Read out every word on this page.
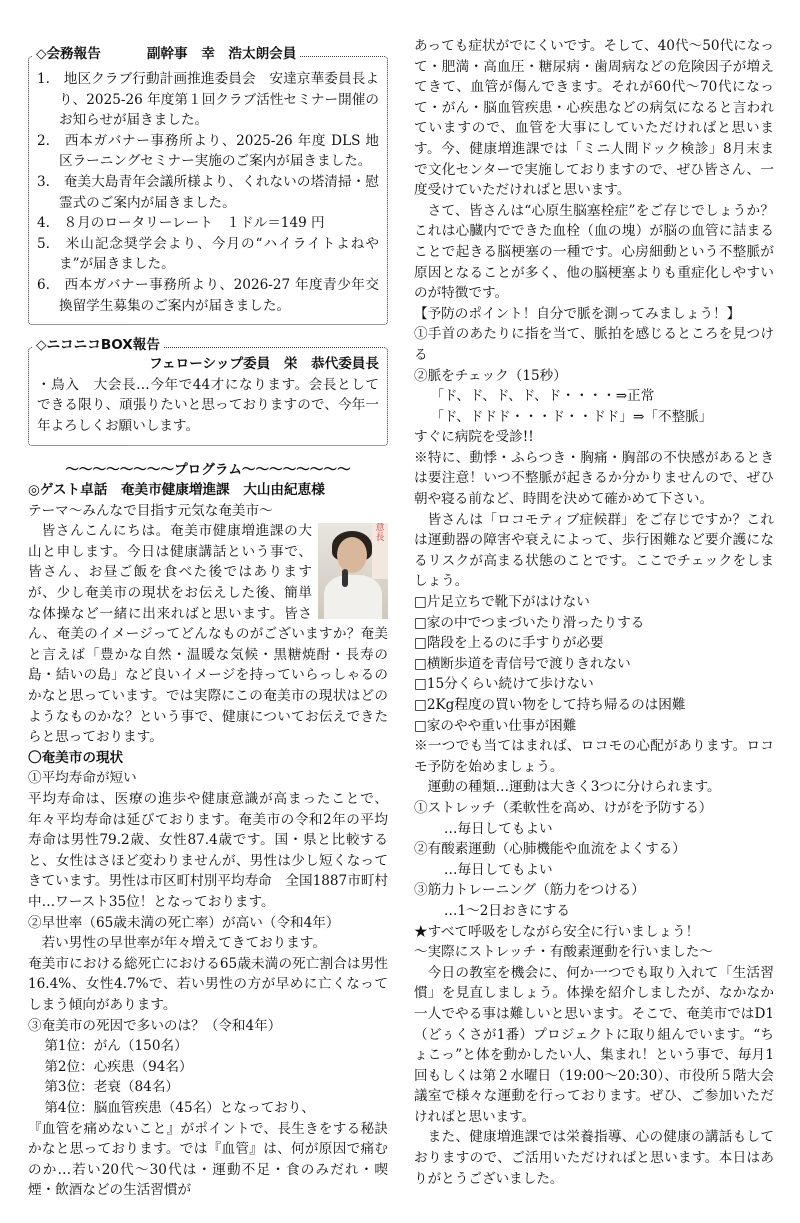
◇会務報告	副幹事　幸　浩太朗会員
1.　地区クラブ行動計画推進委員会　安達京華委員長より、2025-26 年度第１回クラブ活性セミナー開催のお知らせが届きました。
2.　西本ガバナー事務所より、2025-26 年度 DLS 地区ラーニングセミナー実施のご案内が届きました。
3.　奄美大島青年会議所様より、くれないの塔清掃・慰霊式のご案内が届きました。
4.　８月のロータリーレート　１ドル＝149 円
5.　米山記念奨学会より、今月の“ハイライトよねやま”が届きました。
6.　西本ガバナー事務所より、2026-27 年度青少年交換留学生募集のご案内が届きました。
◇ニコニコBOX報告
フェローシップ委員　栄　恭代委員長
・鳥入　大会長…今年で44才になります。会長としてできる限り、頑張りたいと思っておりますので、今年一年よろしくお願いします。
〜〜〜〜〜〜〜〜プログラム〜〜〜〜〜〜〜〜
◎ゲスト卓話　奄美市健康増進課　大山由紀恵様
テーマ〜みんなで目指す元気な奄美市〜
意長
皆さんこんにちは。奄美市健康増進課の大山と申します。今日は健康講話という事で、皆さん、お昼ご飯を食べた後ではありますが、少し奄美市の現状をお伝えした後、簡単な体操など一緒に出来ればと思います。皆さん、奄美のイメージってどんなものがございますか？奄美と言えば「豊かな自然・温暖な気候・黒糖焼酎・長寿の島・結いの島」など良いイメージを持っていらっしゃるのかなと思っています。では実際にこの奄美市の現状はどのようなものかな？という事で、健康についてお伝えできたらと思っております。
〇奄美市の現状
①平均寿命が短い
平均寿命は、医療の進歩や健康意識が高まったことで、年々平均寿命は延びております。奄美市の令和2年の平均寿命は男性79.2歳、女性87.4歳です。国・県と比較すると、女性はさほど変わりませんが、男性は少し短くなってきています。男性は市区町村別平均寿命　全国1887市町村中…ワースト35位！となっております。
②早世率（65歳未満の死亡率）が高い（令和4年）
若い男性の早世率が年々増えてきております。
奄美市における総死亡における65歳未満の死亡割合は男性16.4%、女性4.7%で、若い男性の方が早めに亡くなってしまう傾向があります。
③奄美市の死因で多いのは？（令和4年）
第1位：がん（150名）
第2位：心疾患（94名）
第3位：老衰（84名）
第4位：脳血管疾患（45名）となっており、
『血管を痛めないこと』がポイントで、長生きをする秘訣かなと思っております。では『血管』は、何が原因で痛むのか…若い20代〜30代は・運動不足・食のみだれ・喫煙・飲酒などの生活習慣が
あっても症状がでにくいです。そして、40代〜50代になって・肥満・高血圧・糖尿病・歯周病などの危険因子が増えてきて、血管が傷んできます。それが60代〜70代になって・がん・脳血管疾患・心疾患などの病気になると言われていますので、血管を大事にしていただければと思います。今、健康増進課では「ミニ人間ドック検診」8月末まで文化センターで実施しておりますので、ぜひ皆さん、一度受けていただければと思います。
さて、皆さんは“心原生脳塞栓症”をご存じでしょうか？これは心臓内でできた血栓（血の塊）が脳の血管に詰まることで起きる脳梗塞の一種です。心房細動という不整脈が原因となることが多く、他の脳梗塞よりも重症化しやすいのが特徴です。
【予防のポイント！自分で脈を測ってみましょう！】
①手首のあたりに指を当て、脈拍を感じるところを見つける
②脈をチェック（15秒）
「ド、ド、ド、ド、ド・・・・⇒正常
「ド、ドドド・・・ド・・ドド」⇒「不整脈」
すぐに病院を受診!!
※特に、動悸・ふらつき・胸痛・胸部の不快感があるときは要注意！いつ不整脈が起きるか分かりませんので、ぜひ朝や寝る前など、時間を決めて確かめて下さい。
皆さんは「ロコモティブ症候群」をご存じですか？これは運動器の障害や衰えによって、歩行困難など要介護になるリスクが高まる状態のことです。ここでチェックをしましょう。
□ 片足立ちで靴下がはけない
□ 家の中でつまづいたり滑ったりする
□ 階段を上るのに手すりが必要
□ 横断歩道を青信号で渡りきれない
□ 15分くらい続けて歩けない
□ 2Kg程度の買い物をして持ち帰るのは困難
□ 家のやや重い仕事が困難
※一つでも当てはまれば、ロコモの心配があります。ロコモ予防を始めましょう。
運動の種類…運動は大きく3つに分けられます。
①ストレッチ（柔軟性を高め、けがを予防する）
…毎日してもよい
②有酸素運動（心肺機能や血流をよくする）
…毎日してもよい
③筋力トレーニング（筋力をつける）
…1〜2日おきにする
★すべて呼吸をしながら安全に行いましょう！
〜実際にストレッチ・有酸素運動を行いました〜
今日の教室を機会に、何か一つでも取り入れて「生活習慣」を見直しましょう。体操を紹介しましたが、なかなか一人でやる事は難しいと思います。そこで、奄美市ではD1（どぅくさが1番）プロジェクトに取り組んでいます。“ちょこっ”と体を動かしたい人、集まれ！という事で、毎月1回もしくは第２水曜日（19:00〜20:30）、市役所５階大会議室で様々な運動を行っております。ぜひ、ご参加いただければと思います。
また、健康増進課では栄養指導、心の健康の講話もしておりますので、ご活用いただければと思います。本日はありがとうございました。
